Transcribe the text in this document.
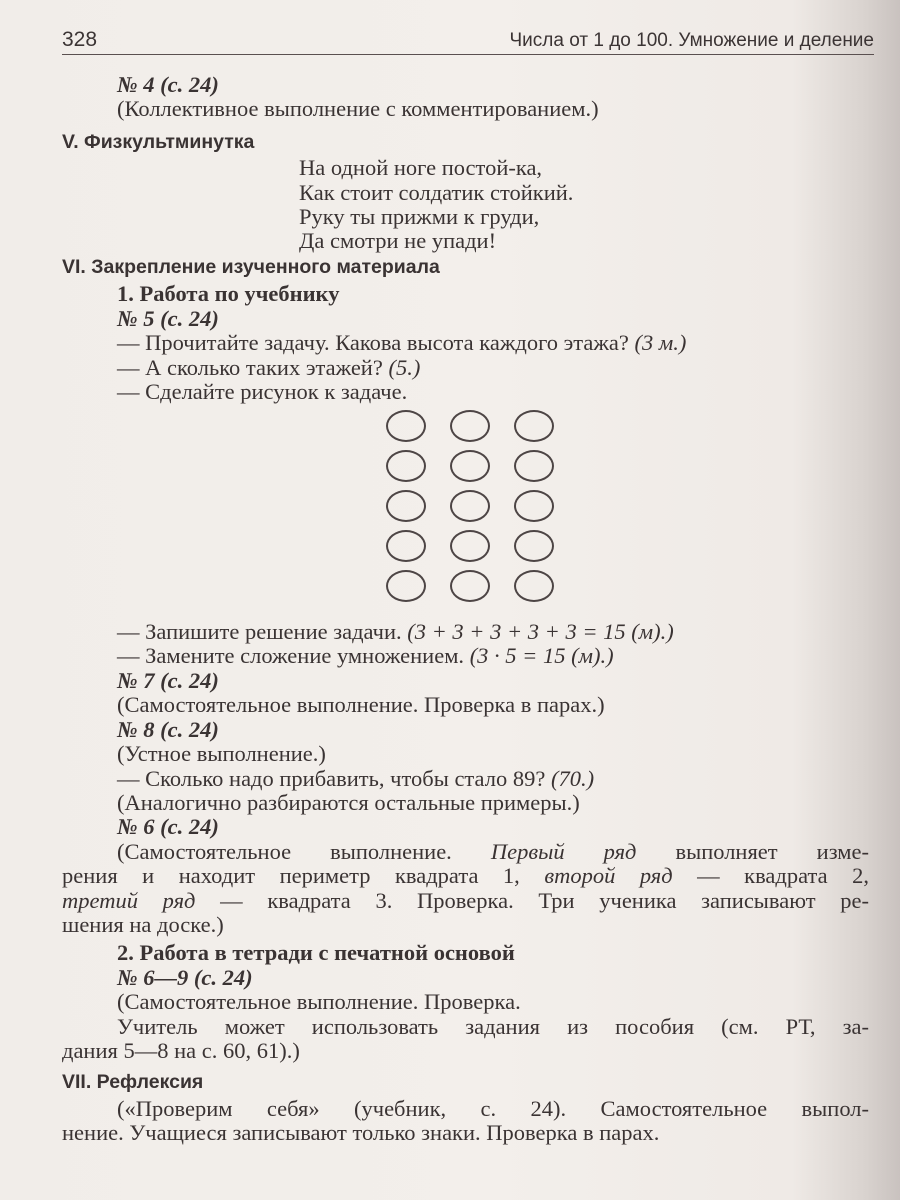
328	Числа от 1 до 100. Умножение и деление
№ 4 (с. 24)
(Коллективное выполнение с комментированием.)
V. Физкультминутка
На одной ноге постой-ка,
Как стоит солдатик стойкий.
Руку ты прижми к груди,
Да смотри не упади!
VI. Закрепление изученного материала
1. Работа по учебнику
№ 5 (с. 24)
— Прочитайте задачу. Какова высота каждого этажа? (3 м.)
— А сколько таких этажей? (5.)
— Сделайте рисунок к задаче.
— Запишите решение задачи. (3 + 3 + 3 + 3 + 3 = 15 (м).)
— Замените сложение умножением. (3 · 5 = 15 (м).)
№ 7 (с. 24)
(Самостоятельное выполнение. Проверка в парах.)
№ 8 (с. 24)
(Устное выполнение.)
— Сколько надо прибавить, чтобы стало 89? (70.)
(Аналогично разбираются остальные примеры.)
№ 6 (с. 24)
(Самостоятельное выполнение. Первый ряд выполняет изме-
рения и находит периметр квадрата 1, второй ряд — квадрата 2,
третий ряд — квадрата 3. Проверка. Три ученика записывают ре-
шения на доске.)
2. Работа в тетради с печатной основой
№ 6—9 (с. 24)
(Самостоятельное выполнение. Проверка.
Учитель может использовать задания из пособия (см. РТ, за-
дания 5—8 на с. 60, 61).)
VII. Рефлексия
(«Проверим себя» (учебник, с. 24). Самостоятельное выпол-
нение. Учащиеся записывают только знаки. Проверка в парах.
